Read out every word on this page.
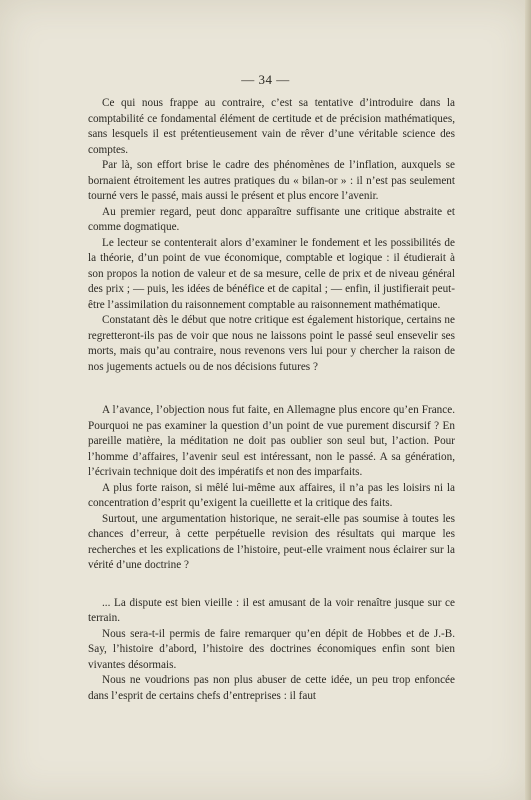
— 34 —

Ce qui nous frappe au contraire, c’est sa tentative d’introduire dans la comptabilité ce fondamental élément de certitude et de précision mathématiques, sans lesquels il est prétentieusement vain de rêver d’une véritable science des comptes.

Par là, son effort brise le cadre des phénomènes de l’inflation, auxquels se bornaient étroitement les autres pratiques du « bilan-or » : il n’est pas seulement tourné vers le passé, mais aussi le présent et plus encore l’avenir.

Au premier regard, peut donc apparaître suffisante une critique abstraite et comme dogmatique.

Le lecteur se contenterait alors d’examiner le fondement et les possibilités de la théorie, d’un point de vue économique, comptable et logique : il étudierait à son propos la notion de valeur et de sa mesure, celle de prix et de niveau général des prix ; — puis, les idées de bénéfice et de capital ; — enfin, il justifierait peut-être l’assimilation du raisonnement comptable au raisonnement mathématique.

Constatant dès le début que notre critique est également historique, certains ne regretteront-ils pas de voir que nous ne laissons point le passé seul ensevelir ses morts, mais qu’au contraire, nous revenons vers lui pour y chercher la raison de nos jugements actuels ou de nos décisions futures ?

A l’avance, l’objection nous fut faite, en Allemagne plus encore qu’en France. Pourquoi ne pas examiner la question d’un point de vue purement discursif ? En pareille matière, la méditation ne doit pas oublier son seul but, l’action. Pour l’homme d’affaires, l’avenir seul est intéressant, non le passé. A sa génération, l’écrivain technique doit des impératifs et non des imparfaits.

A plus forte raison, si mêlé lui-même aux affaires, il n’a pas les loisirs ni la concentration d’esprit qu’exigent la cueillette et la critique des faits.

Surtout, une argumentation historique, ne serait-elle pas soumise à toutes les chances d’erreur, à cette perpétuelle revision des résultats qui marque les recherches et les explications de l’histoire, peut-elle vraiment nous éclairer sur la vérité d’une doctrine ?

... La dispute est bien vieille : il est amusant de la voir renaître jusque sur ce terrain.

Nous sera-t-il permis de faire remarquer qu’en dépit de Hobbes et de J.-B. Say, l’histoire d’abord, l’histoire des doctrines économiques enfin sont bien vivantes désormais.

Nous ne voudrions pas non plus abuser de cette idée, un peu trop enfoncée dans l’esprit de certains chefs d’entreprises : il faut
